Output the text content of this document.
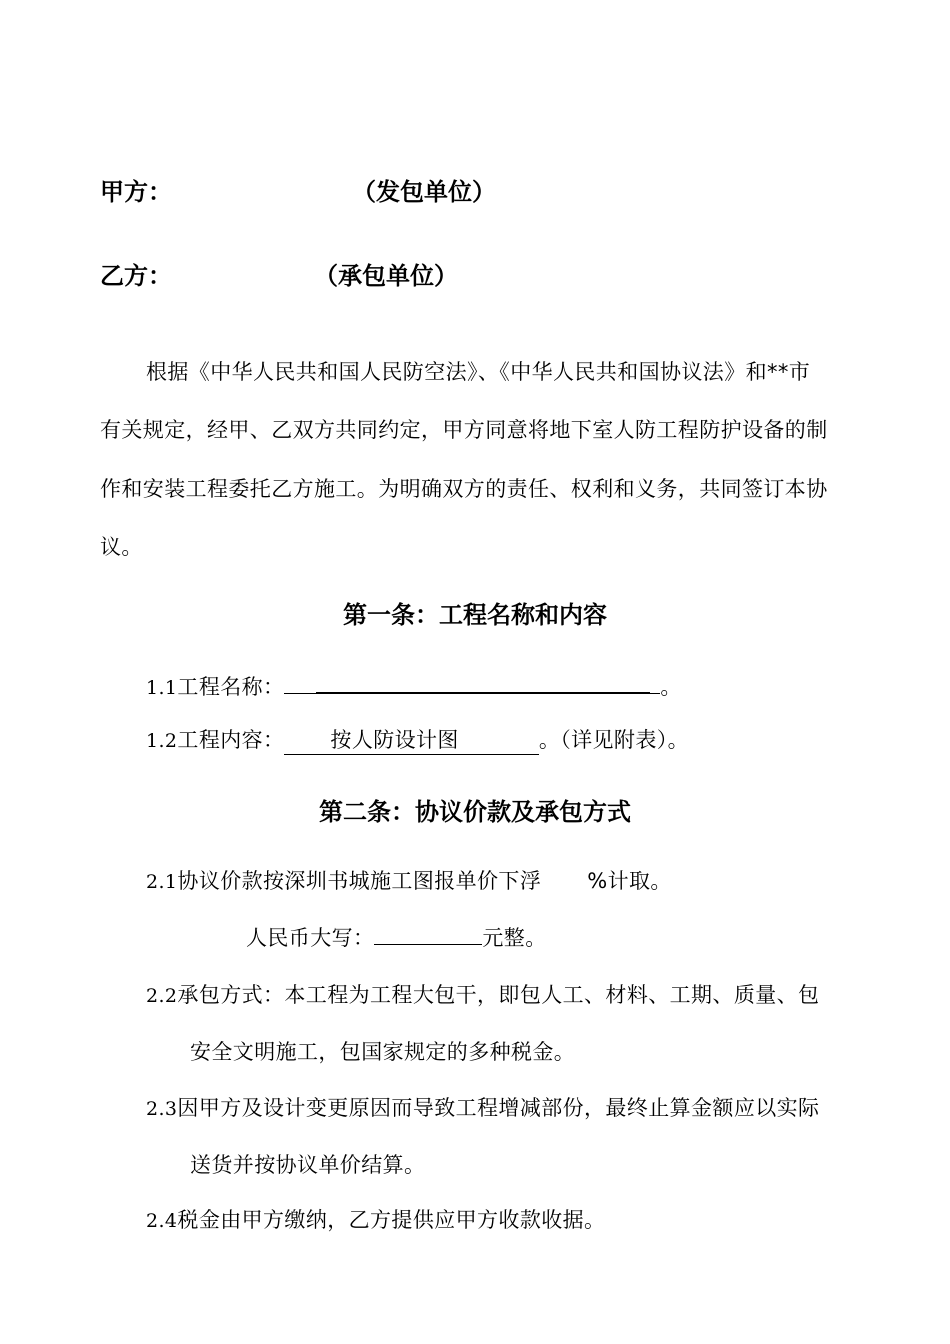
甲方：	（发包单位）
乙方：	（承包单位）
根据《中华人民共和国人民防空法》、《中华人民共和国协议法》和**市
有关规定，经甲、乙双方共同约定，甲方同意将地下室人防工程防护设备的制
作和安装工程委托乙方施工。为明确双方的责任、权利和义务，共同签订本协
议。
第一条：工程名称和内容
1.1工程名称：	。
1.2工程内容： 按人防设计图	。（详见附表）。
第二条：协议价款及承包方式
2.1协议价款按深圳书城施工图报单价下浮 %计取。
人民币大写：	元整。
2.2承包方式：本工程为工程大包干，即包人工、材料、工期、质量、包
安全文明施工，包国家规定的多种税金。
2.3因甲方及设计变更原因而导致工程增减部份，最终止算金额应以实际
送货并按协议单价结算。
2.4税金由甲方缴纳，乙方提供应甲方收款收据。
